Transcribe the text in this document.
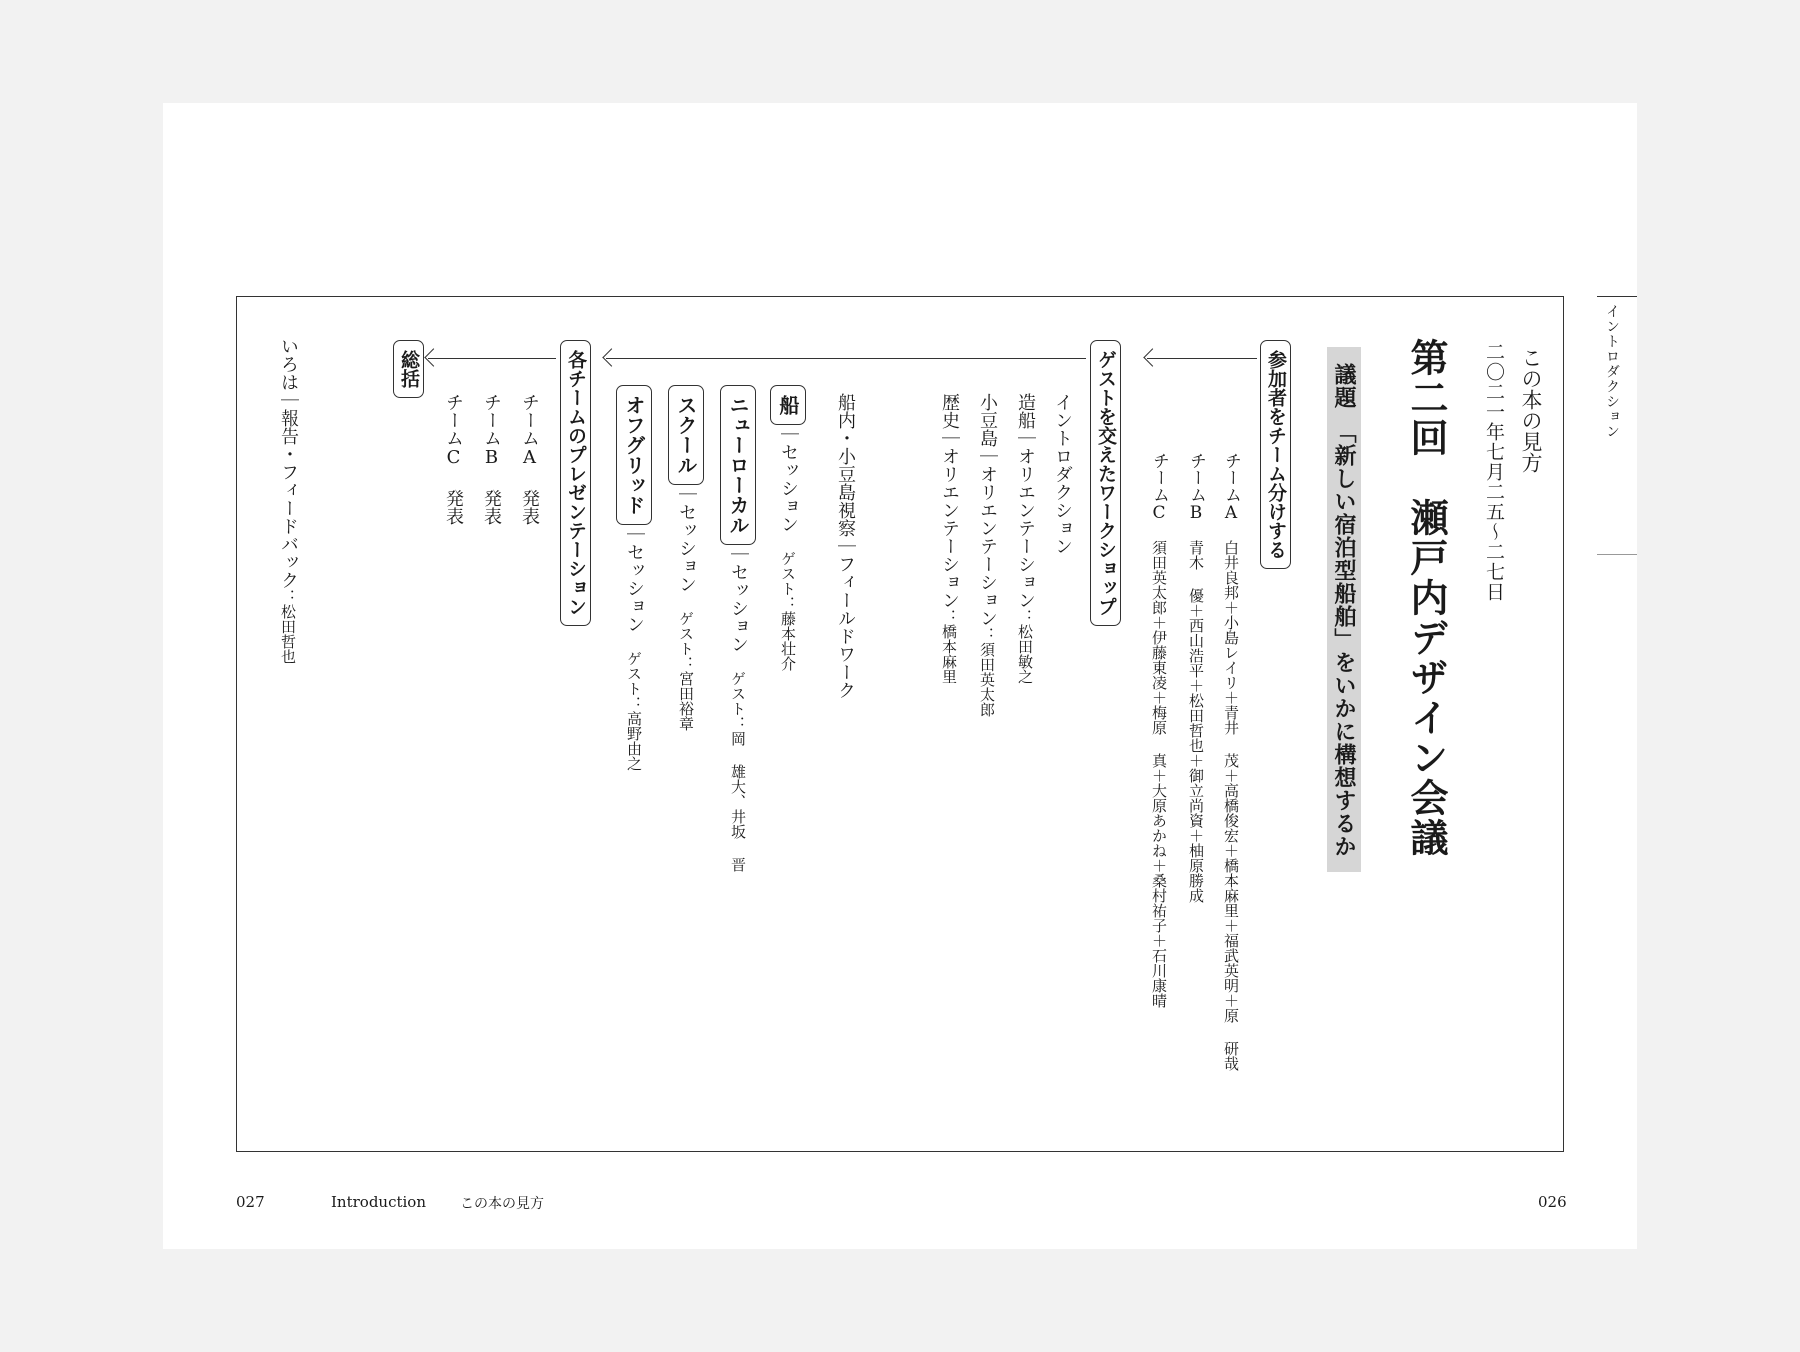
イントロダクション
この本の見方
二〇二一年七月二五〜二七日
第二回　瀬戸内デザイン会議
議題　「新しい宿泊型船舶」をいかに構想するか
参加者をチーム分けする
チームA　白井良邦＋小島レイリ＋青井 茂＋高橋俊宏＋橋本麻里＋福武英明＋原 研哉
チームB　青木 優＋西山浩平＋松田哲也＋御立尚資＋柚原勝成
チームC　須田英太郎＋伊藤東凌＋梅原 真＋大原あかね＋桑村祐子＋石川康晴
ゲストを交えたワークショップ
イントロダクション
造船｜オリエンテーション：松田敏之
小豆島｜オリエンテーション：須田英太郎
歴史｜オリエンテーション：橋本麻里
船内・小豆島視察｜フィールドワーク
船｜セッション　ゲスト：藤本壮介
ニューローカル｜セッション　ゲスト：岡 雄大、井坂 晋
スクール｜セッション　ゲスト：宮田裕章
オフグリッド｜セッション　ゲスト：高野由之
各チームのプレゼンテーション
チームA 発表
チームB 発表
チームC 発表
総括
いろは｜報告・フィードバック：松田哲也
027	Introduction この本の見方	026
